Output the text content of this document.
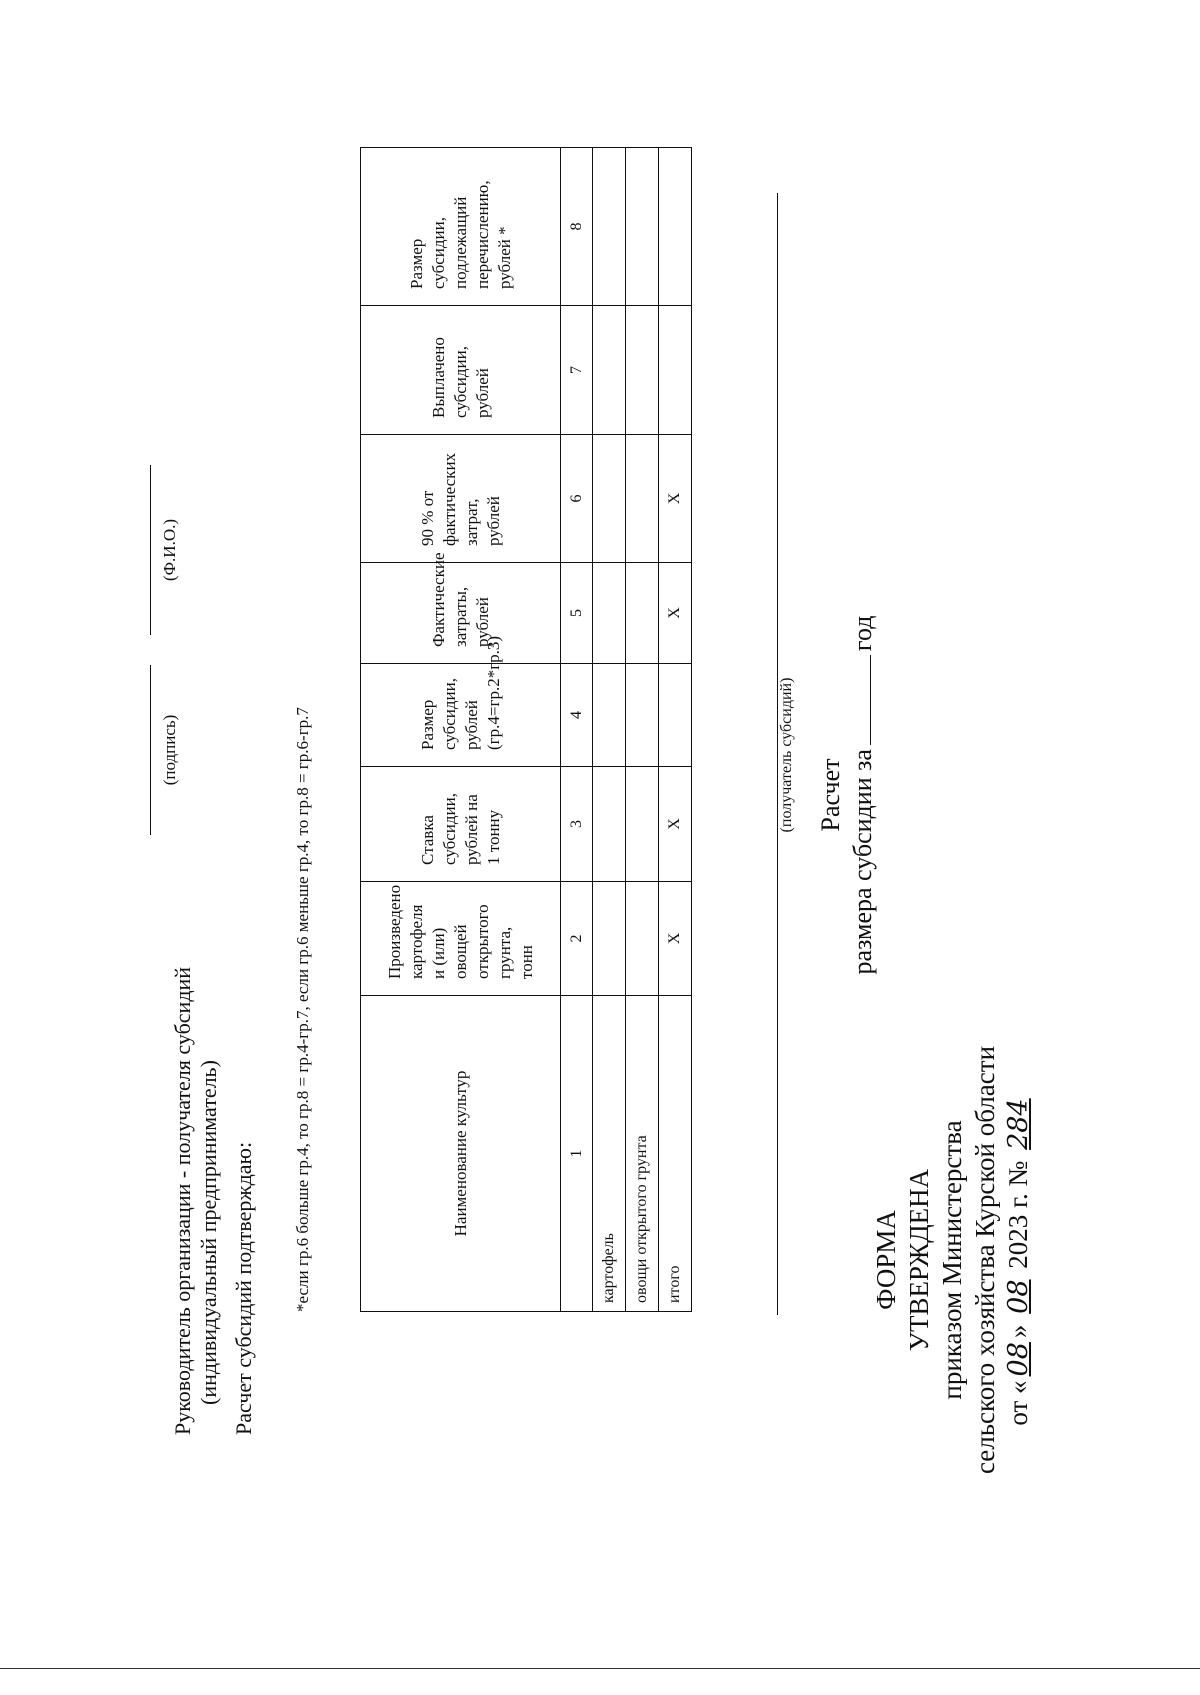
ФОРМА УТВЕРЖДЕНА приказом Министерства сельского хозяйства Курской области от «08» 08 2023 г. № 284
Расчет размера субсидии загод
(получатель субсидий)
Наименование культур	Произведено картофеля и (или) овощей открытого грунта, тонн	Ставка субсидии, рублей на 1 тонну	Размер субсидии, рублей (гр.4=гр.2*гр.3)	Фактические затраты, рублей	90 % от фактических затрат, рублей	Выплачено субсидии, рублей	Размер субсидии, подлежащий перечислению, рублей *
1	2	3	4	5	6	7	8
картофель							
овощи открытого грунта							
итого	Х	Х		Х	Х		
*если гр.6 больше гр.4, то гр.8 = гр.4-гр.7, если гр.6 меньше гр.4, то гр.8 = гр.6-гр.7
Расчет субсидий подтверждаю:
Руководитель организации - получателя субсидий (индивидуальный предприниматель)
(подпись)
(Ф.И.О.)
